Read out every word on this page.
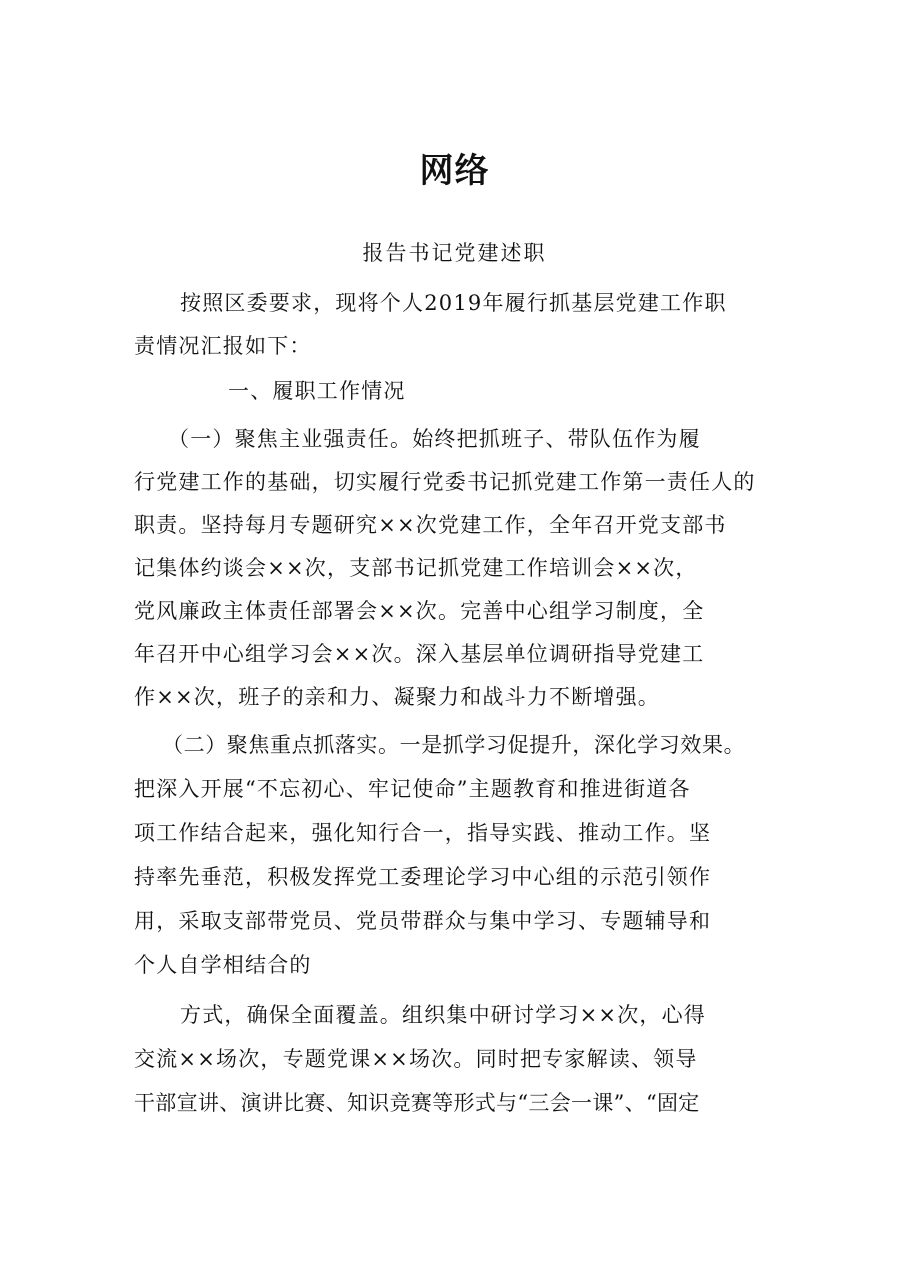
网络
报告书记党建述职
按照区委要求，现将个人2019年履行抓基层党建工作职
责情况汇报如下：
一、履职工作情况
（一）聚焦主业强责任。始终把抓班子、带队伍作为履
行党建工作的基础，切实履行党委书记抓党建工作第一责任人的
职责。坚持每月专题研究××次党建工作，全年召开党支部书
记集体约谈会××次，支部书记抓党建工作培训会××次，
党风廉政主体责任部署会××次。完善中心组学习制度，全
年召开中心组学习会××次。深入基层单位调研指导党建工
作××次，班子的亲和力、凝聚力和战斗力不断增强。
（二）聚焦重点抓落实。一是抓学习促提升，深化学习效果。
把深入开展“不忘初心、牢记使命”主题教育和推进街道各
项工作结合起来，强化知行合一，指导实践、推动工作。坚
持率先垂范，积极发挥党工委理论学习中心组的示范引领作
用，采取支部带党员、党员带群众与集中学习、专题辅导和
个人自学相结合的
方式，确保全面覆盖。组织集中研讨学习××次，心得
交流××场次，专题党课××场次。同时把专家解读、领导
干部宣讲、演讲比赛、知识竞赛等形式与“三会一课”、“固定
